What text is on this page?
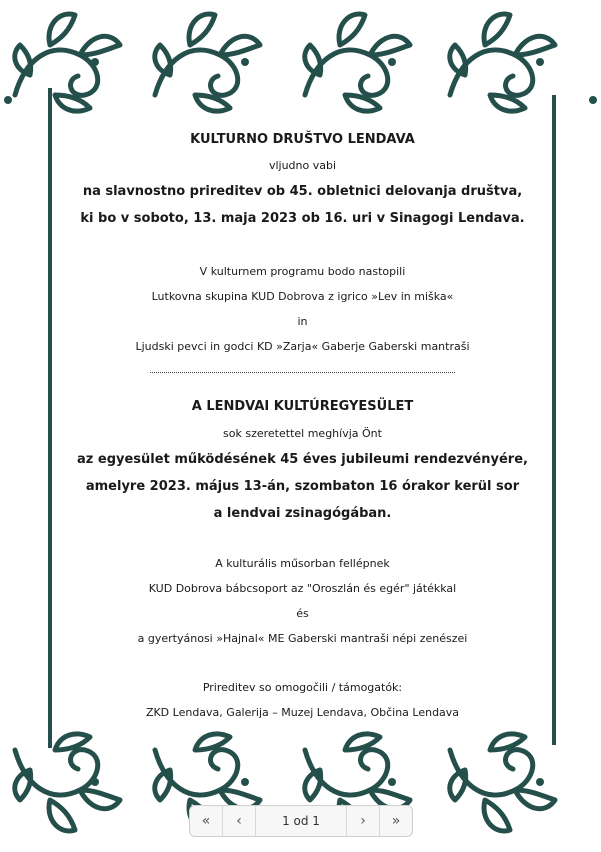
KULTURNO DRUŠTVO LENDAVA
vljudno vabi
na slavnostno prireditev ob 45. obletnici delovanja društva,
ki bo v soboto, 13. maja 2023 ob 16. uri v Sinagogi Lendava.
V kulturnem programu bodo nastopili
Lutkovna skupina KUD Dobrova z igrico »Lev in miška«
in
Ljudski pevci in godci KD »Zarja« Gaberje Gaberski mantraši
A LENDVAI KULTÚREGYESÜLET
sok szeretettel meghívja Önt
az egyesület működésének 45 éves jubileumi rendezvényére,
amelyre 2023. május 13-án, szombaton 16 órakor kerül sor
a lendvai zsinagógában.
A kulturális műsorban fellépnek
KUD Dobrova bábcsoport az "Oroszlán és egér" játékkal
és
a gyertyánosi »Hajnal« ME Gaberski mantraši népi zenészei
Prireditev so omogočili / támogatók:
ZKD Lendava, Galerija – Muzej Lendava, Občina Lendava
« ‹	1 od 1	› »
